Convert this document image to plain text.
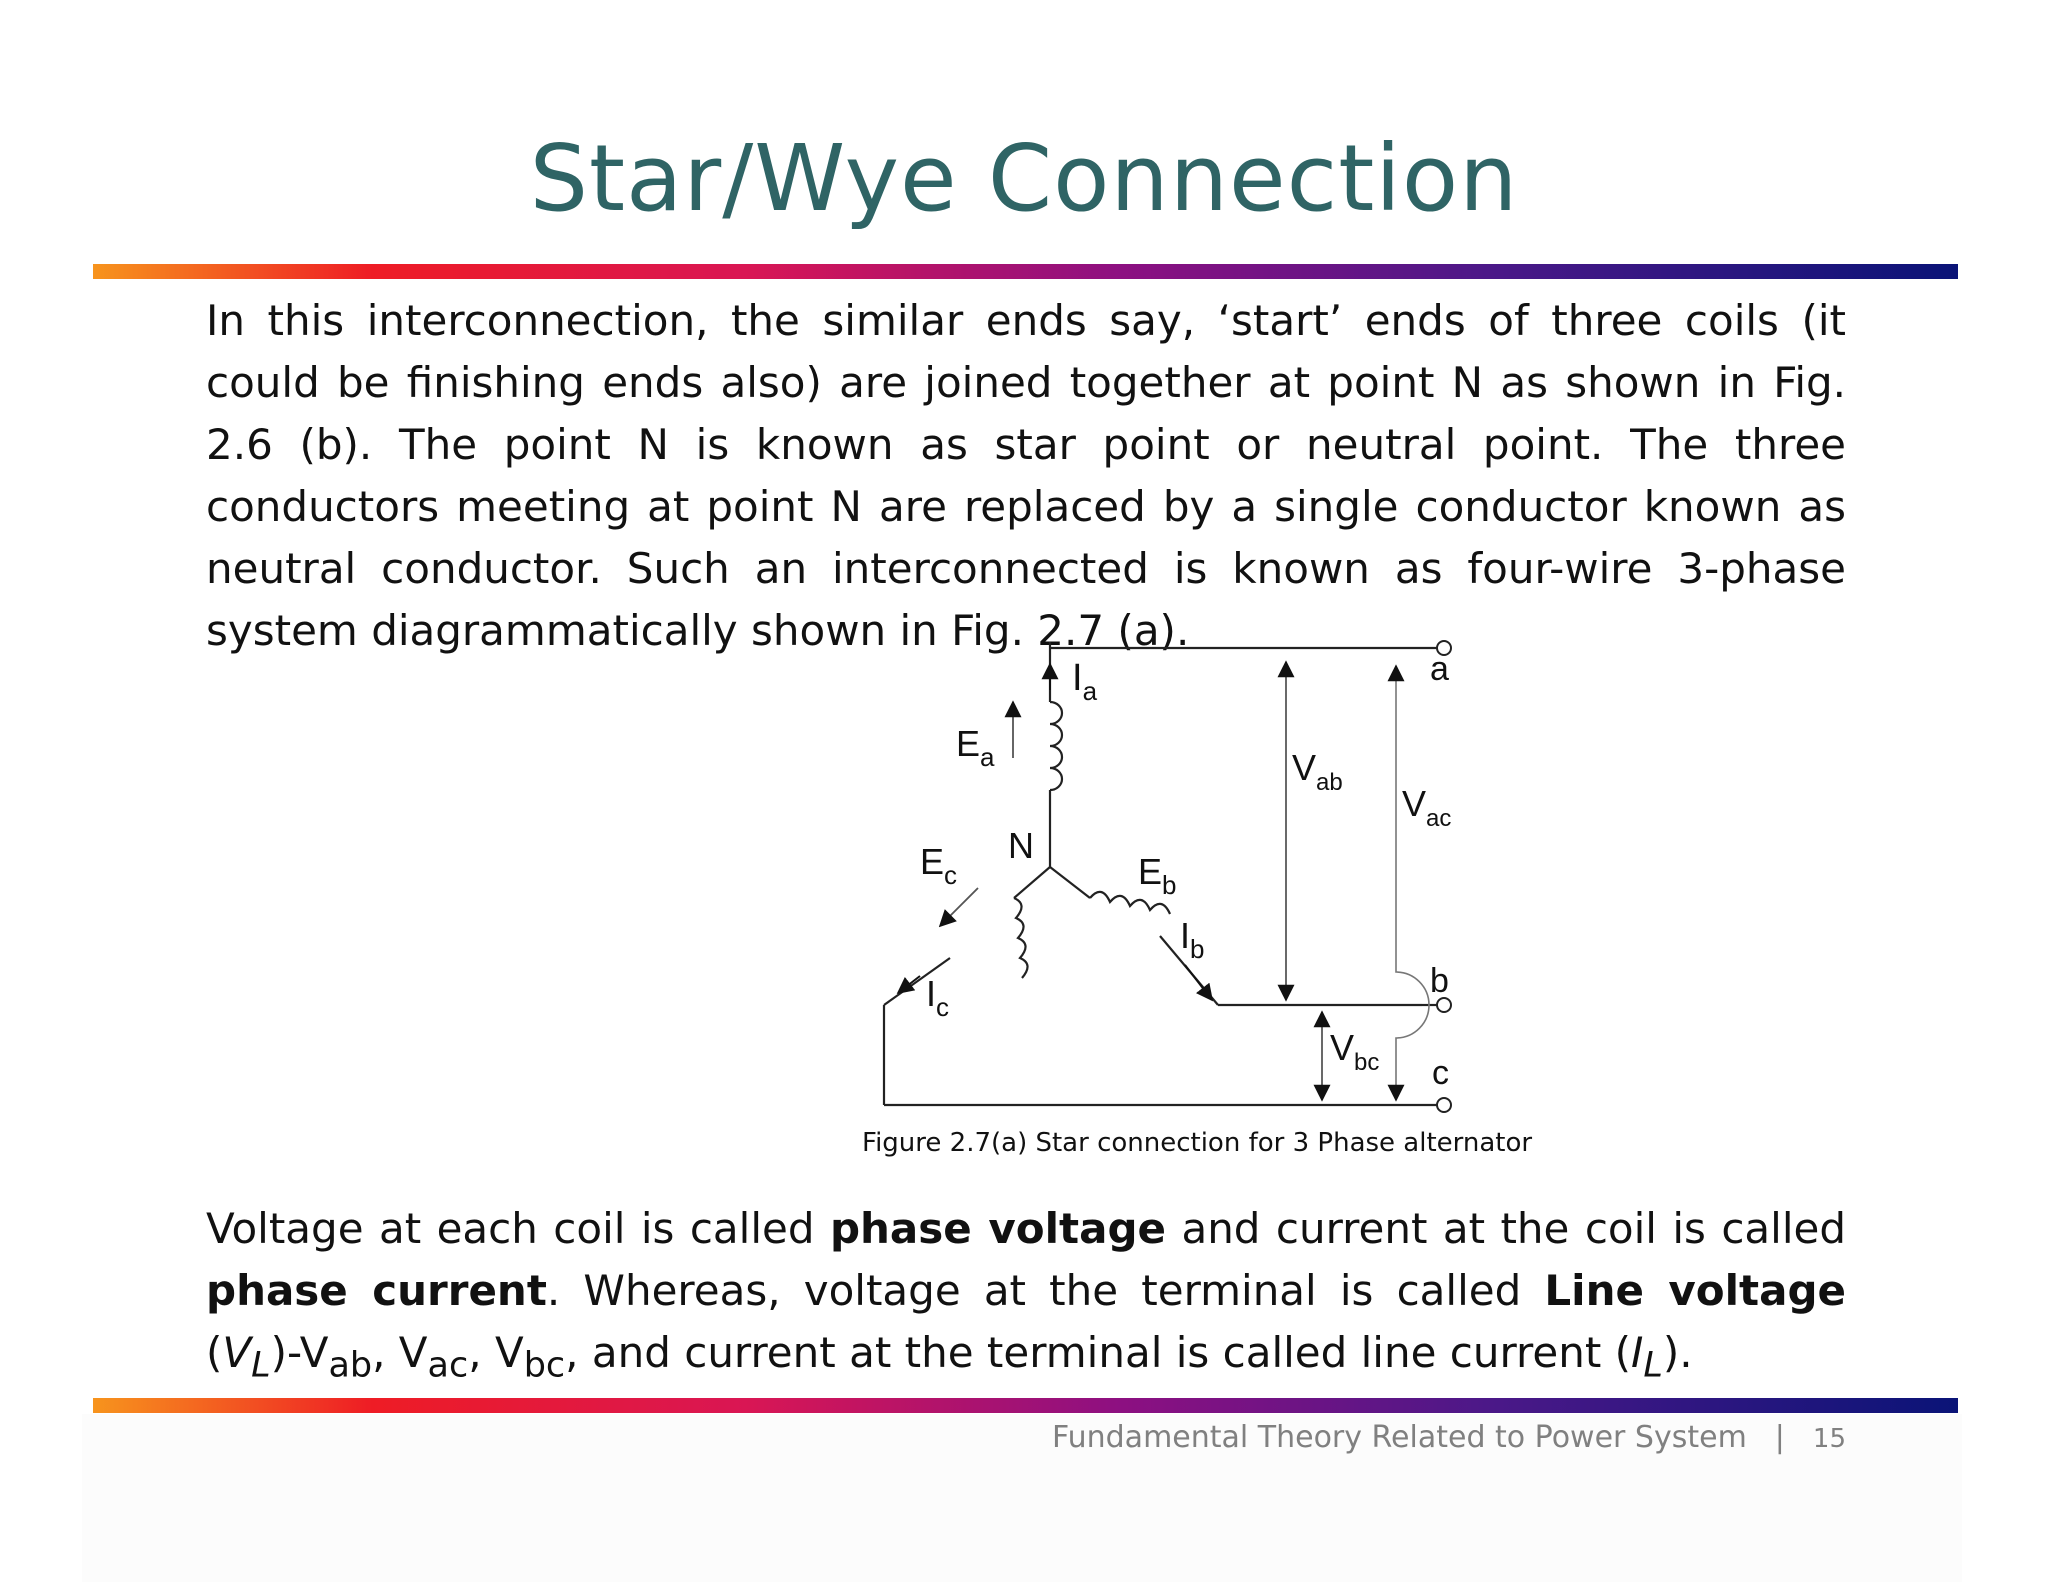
Star/Wye Connection
In this interconnection, the similar ends say, ‘start’ ends of three coils (it could be finishing ends also) are joined together at point N as shown in Fig. 2.6 (b). The point N is known as star point or neutral point. The three conductors meeting at point N are replaced by a single conductor known as neutral conductor. Such an interconnected is known as four-wire 3-phase system diagrammatically shown in Fig. 2.7 (a).
$I_a$
$E_a$
N
$E_c$	$E_b$
$I_b$
$I_c$
$V_{ab}$
$V_{ac}$
$V_{bc}$
a
b
c
Figure 2.7(a) Star connection for 3 Phase alternator
Voltage at each coil is called phase voltage and current at the coil is called phase current. Whereas, voltage at the terminal is called Line voltage $(V_L)-V_{ab}$, $V_{ac}$, $V_{bc}$, and current at the terminal is called line current $(I_L)$.
Fundamental Theory Related to Power System | 15
